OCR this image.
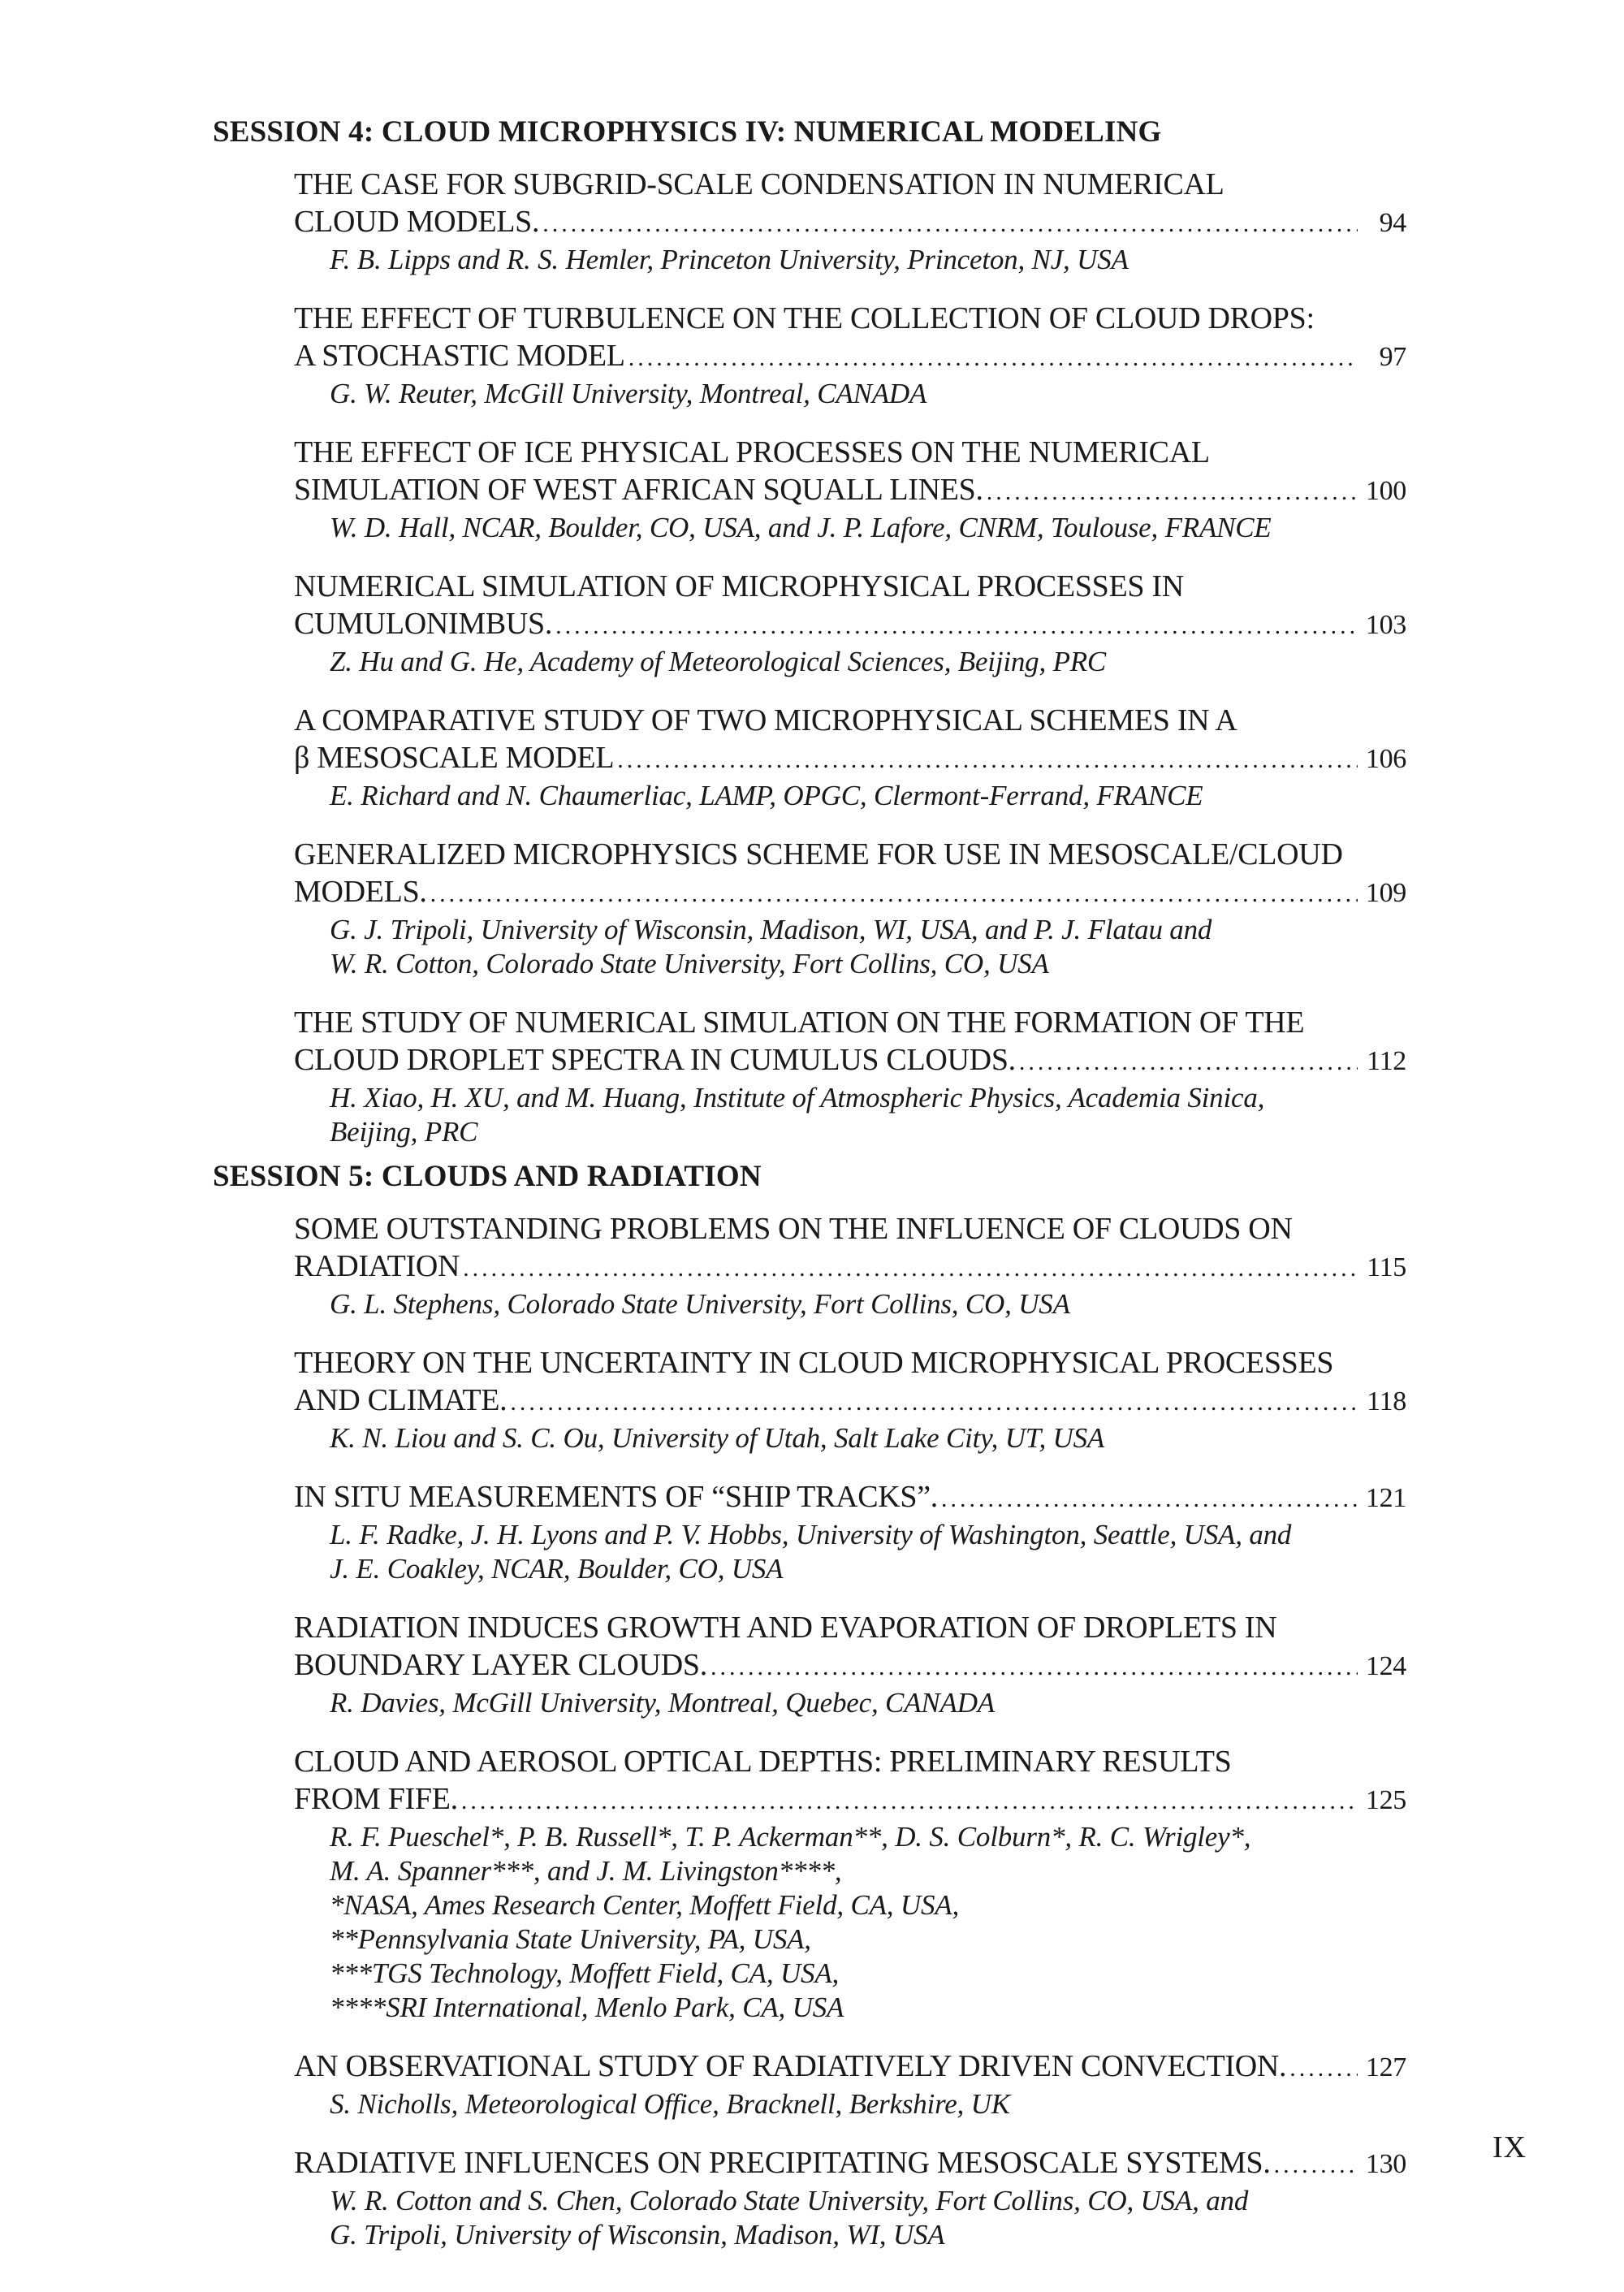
SESSION 4: CLOUD MICROPHYSICS IV: NUMERICAL MODELING
THE CASE FOR SUBGRID-SCALE CONDENSATION IN NUMERICAL
CLOUD MODELS. .....	94
F. B. Lipps and R. S. Hemler, Princeton University, Princeton, NJ, USA
THE EFFECT OF TURBULENCE ON THE COLLECTION OF CLOUD DROPS:
A STOCHASTIC MODEL .....	97
G. W. Reuter, McGill University, Montreal, CANADA
THE EFFECT OF ICE PHYSICAL PROCESSES ON THE NUMERICAL
SIMULATION OF WEST AFRICAN SQUALL LINES. .....	100
W. D. Hall, NCAR, Boulder, CO, USA, and J. P. Lafore, CNRM, Toulouse, FRANCE
NUMERICAL SIMULATION OF MICROPHYSICAL PROCESSES IN
CUMULONIMBUS. .....	103
Z. Hu and G. He, Academy of Meteorological Sciences, Beijing, PRC
A COMPARATIVE STUDY OF TWO MICROPHYSICAL SCHEMES IN A
β MESOSCALE MODEL .....	106
E. Richard and N. Chaumerliac, LAMP, OPGC, Clermont-Ferrand, FRANCE
GENERALIZED MICROPHYSICS SCHEME FOR USE IN MESOSCALE/CLOUD
MODELS. .....	109
G. J. Tripoli, University of Wisconsin, Madison, WI, USA, and P. J. Flatau and
W. R. Cotton, Colorado State University, Fort Collins, CO, USA
THE STUDY OF NUMERICAL SIMULATION ON THE FORMATION OF THE
CLOUD DROPLET SPECTRA IN CUMULUS CLOUDS. .....	112
H. Xiao, H. XU, and M. Huang, Institute of Atmospheric Physics, Academia Sinica,
Beijing, PRC
SESSION 5: CLOUDS AND RADIATION
SOME OUTSTANDING PROBLEMS ON THE INFLUENCE OF CLOUDS ON
RADIATION .....	115
G. L. Stephens, Colorado State University, Fort Collins, CO, USA
THEORY ON THE UNCERTAINTY IN CLOUD MICROPHYSICAL PROCESSES
AND CLIMATE. .....	118
K. N. Liou and S. C. Ou, University of Utah, Salt Lake City, UT, USA
IN SITU MEASUREMENTS OF “SHIP TRACKS”. .....	121
L. F. Radke, J. H. Lyons and P. V. Hobbs, University of Washington, Seattle, USA, and
J. E. Coakley, NCAR, Boulder, CO, USA
RADIATION INDUCES GROWTH AND EVAPORATION OF DROPLETS IN
BOUNDARY LAYER CLOUDS. .....	124
R. Davies, McGill University, Montreal, Quebec, CANADA
CLOUD AND AEROSOL OPTICAL DEPTHS: PRELIMINARY RESULTS
FROM FIFE. .....	125
R. F. Pueschel*, P. B. Russell*, T. P. Ackerman**, D. S. Colburn*, R. C. Wrigley*,
M. A. Spanner***, and J. M. Livingston****,
*NASA, Ames Research Center, Moffett Field, CA, USA,
**Pennsylvania State University, PA, USA,
***TGS Technology, Moffett Field, CA, USA,
****SRI International, Menlo Park, CA, USA
AN OBSERVATIONAL STUDY OF RADIATIVELY DRIVEN CONVECTION. .....	127
S. Nicholls, Meteorological Office, Bracknell, Berkshire, UK
RADIATIVE INFLUENCES ON PRECIPITATING MESOSCALE SYSTEMS. .....	130
W. R. Cotton and S. Chen, Colorado State University, Fort Collins, CO, USA, and
G. Tripoli, University of Wisconsin, Madison, WI, USA
IX
